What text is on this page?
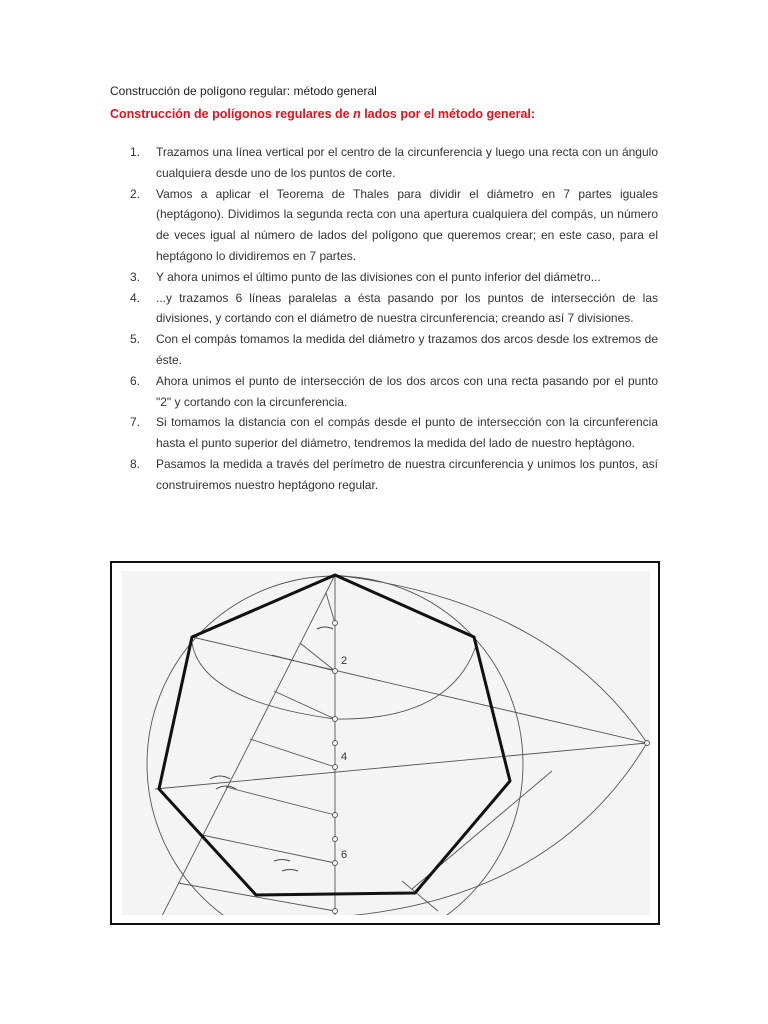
Construcción de polígono regular: método general
Construcción de polígonos regulares de n lados por el método general:
1. Trazamos una línea vertical por el centro de la circunferencia y luego una recta con un ángulo cualquiera desde uno de los puntos de corte.
2. Vamos a aplicar el Teorema de Thales para dividir el diámetro en 7 partes iguales (heptágono). Dividimos la segunda recta con una apertura cualquiera del compás, un número de veces igual al número de lados del polígono que queremos crear; en este caso, para el heptágono lo dividiremos en 7 partes.
3. Y ahora unimos el último punto de las divisiones con el punto inferior del diámetro...
4. ...y trazamos 6 líneas paralelas a ésta pasando por los puntos de intersección de las divisiones, y cortando con el diámetro de nuestra circunferencia; creando así 7 divisiones.
5. Con el compás tomamos la medida del diámetro y trazamos dos arcos desde los extremos de éste.
6. Ahora unimos el punto de intersección de los dos arcos con una recta pasando por el punto "2" y cortando con la circunferencia.
7. Si tomamos la distancia con el compás desde el punto de intersección con la circunferencia hasta el punto superior del diámetro, tendremos la medida del lado de nuestro heptágono.
8. Pasamos la medida a través del perímetro de nuestra circunferencia y unimos los puntos, así construiremos nuestro heptágono regular.
2
4
6
